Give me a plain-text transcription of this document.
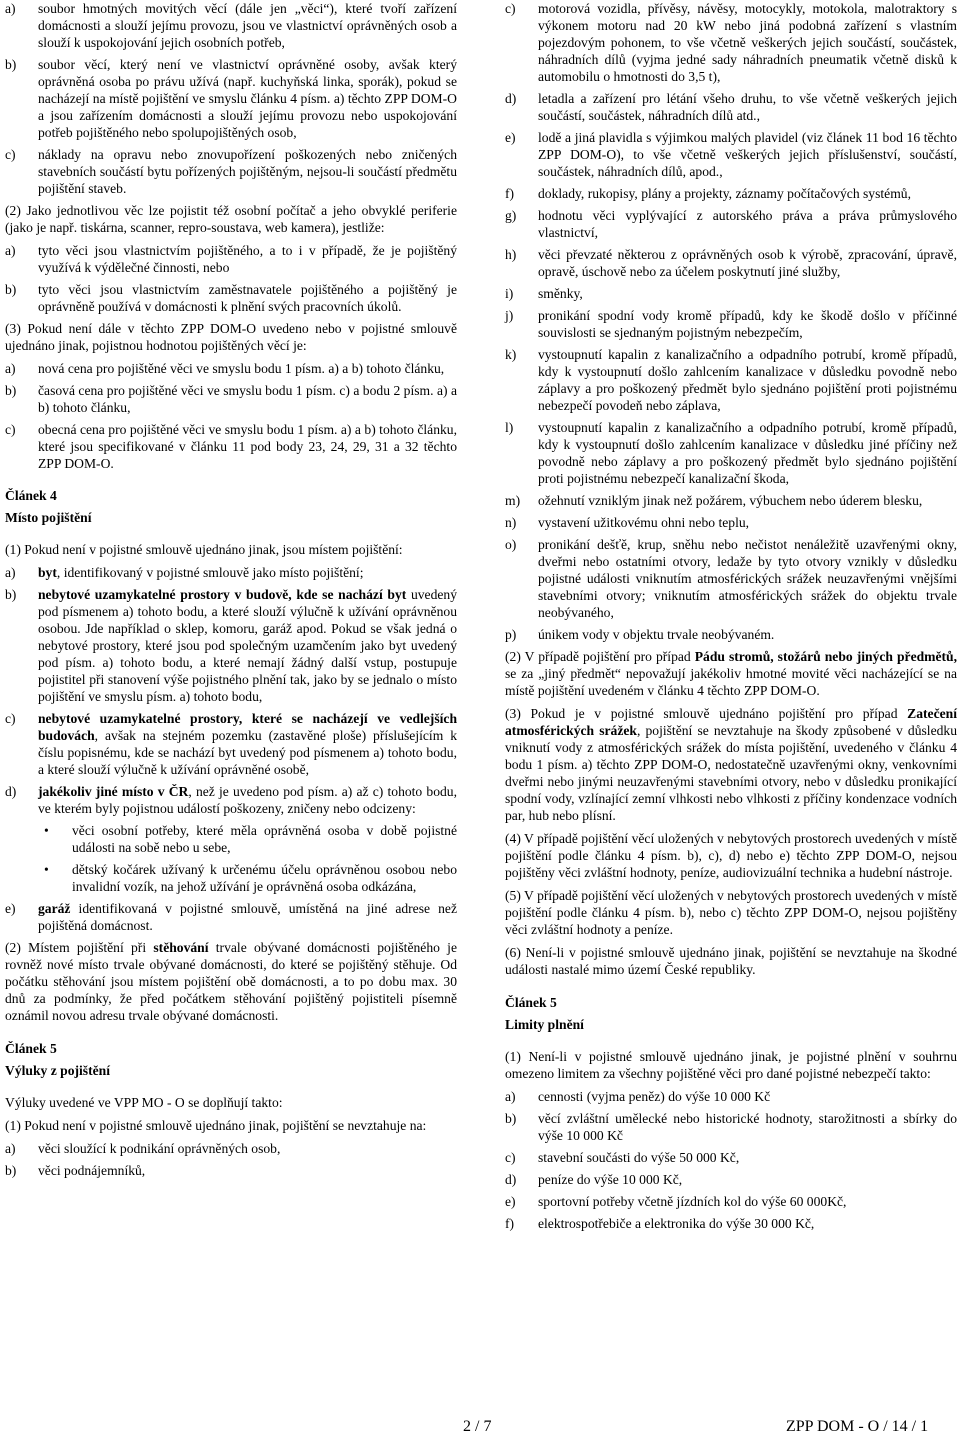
a)	soubor hmotných movitých věcí (dále jen „věci“), které tvoří zařízení domácnosti a slouží jejímu provozu, jsou ve vlastnictví oprávněných osob a slouží k uspokojování jejich osobních potřeb,
b)	soubor věcí, který není ve vlastnictví oprávněné osoby, avšak který oprávněná osoba po právu užívá (např. kuchyňská linka, sporák), pokud se nacházejí na místě pojištění ve smyslu článku 4 písm. a) těchto ZPP DOM-O a jsou zařízením domácnosti a slouží jejímu provozu nebo uspokojování potřeb pojištěného nebo spolupojištěných osob,
c)	náklady na opravu nebo znovupořízení poškozených nebo zničených stavebních součástí bytu pořízených pojištěným, nejsou-li součástí předmětu pojištění staveb.

(2) Jako jednotlivou věc lze pojistit též osobní počítač a jeho obvyklé periferie (jako je např. tiskárna, scanner, repro-soustava, web kamera), jestliže:

a)	tyto věci jsou vlastnictvím pojištěného, a to i v případě, že je pojištěný využívá k výdělečné činnosti, nebo
b)	tyto věci jsou vlastnictvím zaměstnavatele pojištěného a pojištěný je oprávněně používá v domácnosti k plnění svých pracovních úkolů.

(3) Pokud není dále v těchto ZPP DOM-O uvedeno nebo v pojistné smlouvě ujednáno jinak, pojistnou hodnotou pojištěných věcí je:

a)	nová cena pro pojištěné věci ve smyslu bodu 1 písm. a) a b) tohoto článku,
b)	časová cena pro pojištěné věci ve smyslu bodu 1 písm. c) a bodu 2 písm. a) a b) tohoto článku,
c)	obecná cena pro pojištěné věci ve smyslu bodu 1 písm. a) a b) tohoto článku, které jsou specifikované v článku 11 pod body 23, 24, 29, 31 a 32 těchto ZPP DOM-O.

Článek 4

Místo pojištění

(1) Pokud není v pojistné smlouvě ujednáno jinak, jsou místem pojištění:

a)	byt, identifikovaný v pojistné smlouvě jako místo pojištění;
b)	nebytové uzamykatelné prostory v budově, kde se nachází byt uvedený pod písmenem a) tohoto bodu, a které slouží výlučně k užívání oprávněnou osobou. Jde například o sklep, komoru, garáž apod. Pokud se však jedná o nebytové prostory, které jsou pod společným uzamčením jako byt uvedený pod písm. a) tohoto bodu, a které nemají žádný další vstup, postupuje pojistitel při stanovení výše pojistného plnění tak, jako by se jednalo o místo pojištění ve smyslu písm. a) tohoto bodu,
c)	nebytové uzamykatelné prostory, které se nacházejí ve vedlejších budovách, avšak na stejném pozemku (zastavěné ploše) příslušejícím k číslu popisnému, kde se nachází byt uvedený pod písmenem a) tohoto bodu, a které slouží výlučně k užívání oprávněné osobě,
d)	jakékoliv jiné místo v ČR, než je uvedeno pod písm. a) až c) tohoto bodu, ve kterém byly pojistnou událostí poškozeny, zničeny nebo odcizeny:
•	věci osobní potřeby, které měla oprávněná osoba v době pojistné události na sobě nebo u sebe,
•	dětský kočárek užívaný k určenému účelu oprávněnou osobou nebo invalidní vozík, na jehož užívání je oprávněná osoba odkázána,
e)	garáž identifikovaná v pojistné smlouvě, umístěná na jiné adrese než pojištěná domácnost.

(2) Místem pojištění při stěhování trvale obývané domácnosti pojištěného je rovněž nové místo trvale obývané domácnosti, do které se pojištěný stěhuje. Od počátku stěhování jsou místem pojištění obě domácnosti, a to po dobu max. 30 dnů za podmínky, že před počátkem stěhování pojištěný pojistiteli písemně oznámil novou adresu trvale obývané domácnosti.

Článek 5

Výluky z pojištění

Výluky uvedené ve VPP MO - O se doplňují takto:

(1) Pokud není v pojistné smlouvě ujednáno jinak, pojištění se nevztahuje na:

a)	věci sloužící k podnikání oprávněných osob,
b)	věci podnájemníků,
c)	motorová vozidla, přívěsy, návěsy, motocykly, motokola, malotraktory s výkonem motoru nad 20 kW nebo jiná podobná zařízení s vlastním pojezdovým pohonem, to vše včetně veškerých jejich součástí, součástek, náhradních dílů (vyjma jedné sady náhradních pneumatik včetně disků k automobilu o hmotnosti do 3,5 t),
d)	letadla a zařízení pro létání všeho druhu, to vše včetně veškerých jejich součástí, součástek, náhradních dílů atd.,
e)	lodě a jiná plavidla s výjimkou malých plavidel (viz článek 11 bod 16 těchto ZPP DOM-O), to vše včetně veškerých jejich příslušenství, součástí, součástek, náhradních dílů, apod.,
f)	doklady, rukopisy, plány a projekty, záznamy počítačových systémů,
g)	hodnotu věci vyplývající z autorského práva a práva průmyslového vlastnictví,
h)	věci převzaté některou z oprávněných osob k výrobě, zpracování, úpravě, opravě, úschově nebo za účelem poskytnutí jiné služby,
i)	směnky,
j)	pronikání spodní vody kromě případů, kdy ke škodě došlo v příčinné souvislosti se sjednaným pojistným nebezpečím,
k)	vystoupnutí kapalin z kanalizačního a odpadního potrubí, kromě případů, kdy k vystoupnutí došlo zahlcením kanalizace v důsledku povodně nebo záplavy a pro poškozený předmět bylo sjednáno pojištění proti pojistnému nebezpečí povodeň nebo záplava,
l)	vystoupnutí kapalin z kanalizačního a odpadního potrubí, kromě případů, kdy k vystoupnutí došlo zahlcením kanalizace v důsledku jiné příčiny než povodně nebo záplavy a pro poškozený předmět bylo sjednáno pojištění proti pojistnému nebezpečí kanalizační škoda,
m)	ožehnutí vzniklým jinak než požárem, výbuchem nebo úderem blesku,
n)	vystavení užitkovému ohni nebo teplu,
o)	pronikání dešťě, krup, sněhu nebo nečistot nenáležitě uzavřenými okny, dveřmi nebo ostatními otvory, ledaže by tyto otvory vznikly v důsledku pojistné události vniknutím atmosférických srážek neuzavřenými vnějšími stavebními otvory; vniknutím atmosférických srážek do objektu trvale neobývaného,
p)	únikem vody v objektu trvale neobývaném.

(2) V případě pojištění pro případ Pádu stromů, stožárů nebo jiných předmětů, se za „jiný předmět“ nepovažují jakékoliv hmotné movité věci nacházející se na místě pojištění uvedeném v článku 4 těchto ZPP DOM-O.

(3) Pokud je v pojistné smlouvě ujednáno pojištění pro případ Zatečení atmosférických srážek, pojištění se nevztahuje na škody způsobené v důsledku vniknutí vody z atmosférických srážek do místa pojištění, uvedeného v článku 4 bodu 1 písm. a) těchto ZPP DOM-O, nedostatečně uzavřenými okny, venkovními dveřmi nebo jinými neuzavřenými stavebními otvory, nebo v důsledku pronikající spodní vody, vzlínající zemní vlhkosti nebo vlhkosti z příčiny kondenzace vodních par, hub nebo plísní.

(4) V případě pojištění věcí uložených v nebytových prostorech uvedených v místě pojištění podle článku 4 písm. b), c), d) nebo e) těchto ZPP DOM-O, nejsou pojištěny věci zvláštní hodnoty, peníze, audiovizuální technika a hudební nástroje.

(5) V případě pojištění věcí uložených v nebytových prostorech uvedených v místě pojištění podle článku 4 písm. b), nebo c) těchto ZPP DOM-O, nejsou pojištěny věci zvláštní hodnoty a peníze.

(6) Není-li v pojistné smlouvě ujednáno jinak, pojištění se nevztahuje na škodné události nastalé mimo území České republiky.

Článek 5

Limity plnění

(1) Není-li v pojistné smlouvě ujednáno jinak, je pojistné plnění v souhrnu omezeno limitem za všechny pojištěné věci pro dané pojistné nebezpečí takto:

a)	cennosti (vyjma peněz) do výše 10 000 Kč
b)	věcí zvláštní umělecké nebo historické hodnoty, starožitnosti a sbírky do výše 10 000 Kč
c)	stavební součásti do výše 50 000 Kč,
d)	peníze do výše 10 000 Kč,
e)	sportovní potřeby včetně jízdních kol do výše 60 000Kč,
f)	elektrospotřebiče a elektronika do výše 30 000 Kč,
2 / 7	ZPP DOM - O / 14 / 1
